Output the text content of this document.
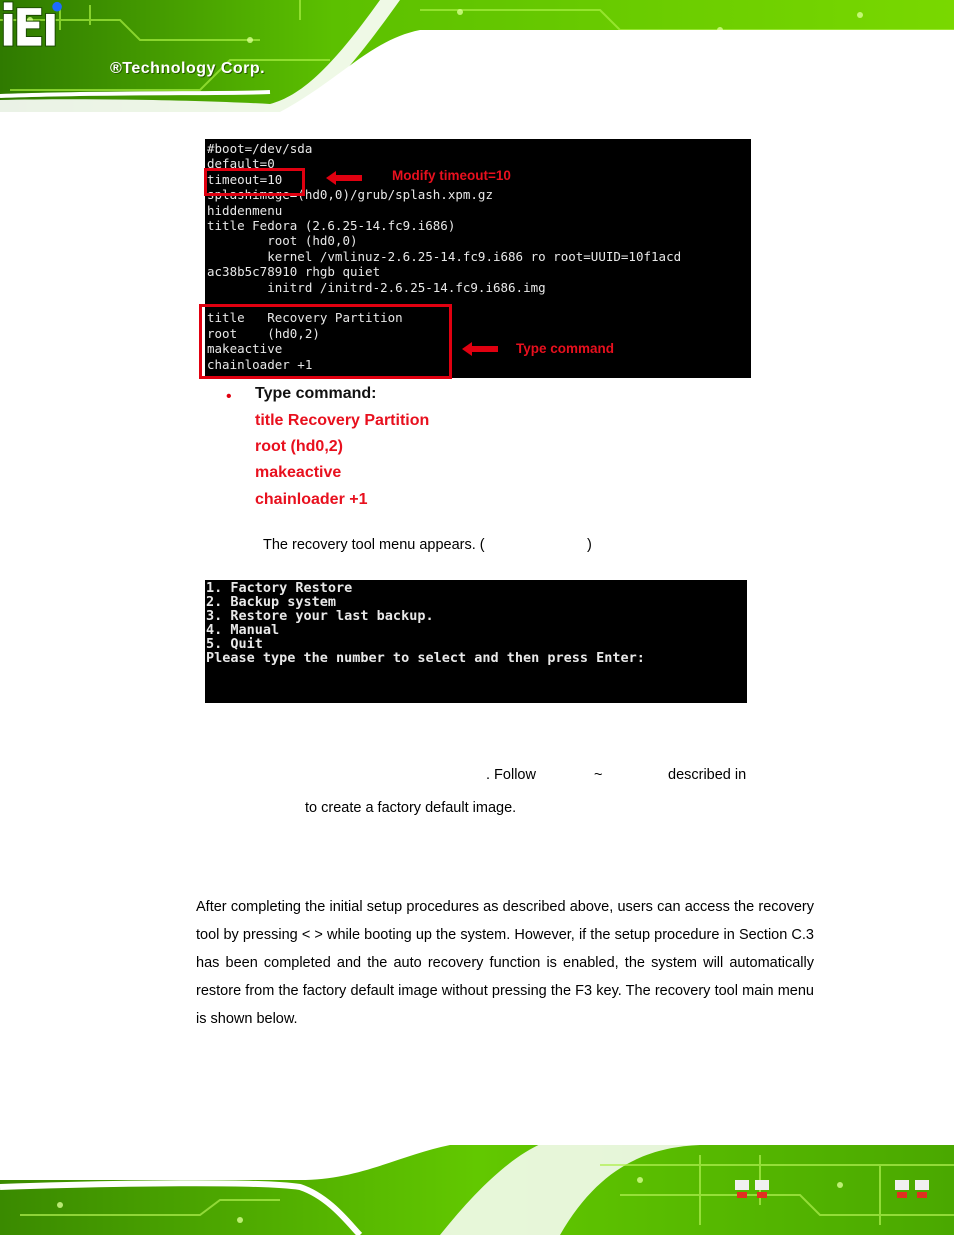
®Technology Corp.
#boot=/dev/sda
default=0
timeout=10
splashimage=(hd0,0)/grub/splash.xpm.gz
hiddenmenu
title Fedora (2.6.25-14.fc9.i686)
root (hd0,0)
kernel /vmlinuz-2.6.25-14.fc9.i686 ro root=UUID=10f1acd
ac38b5c78910 rhgb quiet
initrd /initrd-2.6.25-14.fc9.i686.img
title   Recovery Partition
root    (hd0,2)
makeactive
chainloader +1
Modify timeout=10
Type command
• Type command:
title Recovery Partition
root (hd0,2)
makeactive
chainloader +1
The recovery tool menu appears. (	)
1. Factory Restore
2. Backup system
3. Restore your last backup.
4. Manual
5. Quit
Please type the number to select and then press Enter:
. Follow	~	described in
to create a factory default image.

After completing the initial setup procedures as described above, users can access the recovery tool by pressing < > while booting up the system. However, if the setup procedure in Section C.3 has been completed and the auto recovery function is enabled, the system will automatically restore from the factory default image without pressing the F3 key. The recovery tool main menu is shown below.
